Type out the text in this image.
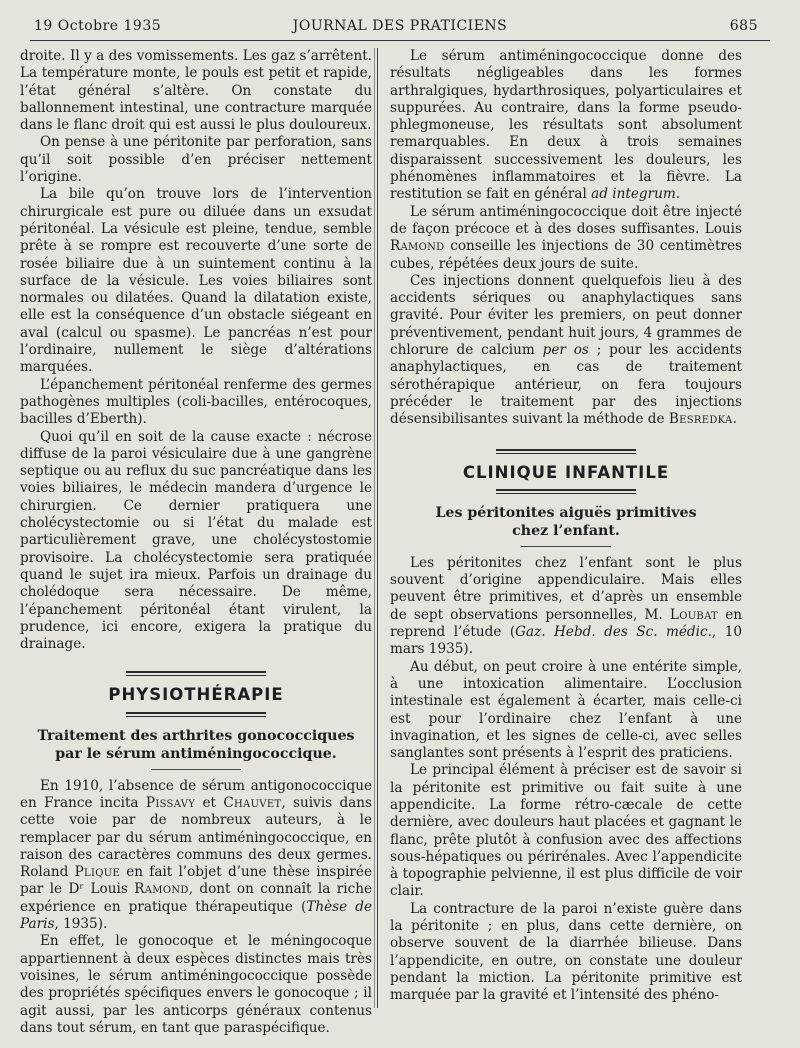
19 Octobre 1935	JOURNAL DES PRATICIENS	685

droite. Il y a des vomissements. Les gaz s’arrêtent. La température monte, le pouls est petit et rapide, l’état général s’altère. On constate du ballonnement intestinal, une contracture marquée dans le flanc droit qui est aussi le plus douloureux.

On pense à une péritonite par perforation, sans qu’il soit possible d’en préciser nettement l’origine.

La bile qu’on trouve lors de l’intervention chirurgicale est pure ou diluée dans un exsudat péritonéal. La vésicule est pleine, tendue, semble prête à se rompre est recouverte d’une sorte de rosée biliaire due à un suintement continu à la surface de la vésicule. Les voies biliaires sont normales ou dilatées. Quand la dilatation existe, elle est la conséquence d’un obstacle siégeant en aval (calcul ou spasme). Le pancréas n’est pour l’ordinaire, nullement le siège d’altérations marquées.

L’épanchement péritonéal renferme des germes pathogènes multiples (coli-bacilles, entérocoques, bacilles d’Eberth).

Quoi qu’il en soit de la cause exacte : nécrose diffuse de la paroi vésiculaire due à une gangrène septique ou au reflux du suc pancréatique dans les voies biliaires, le médecin mandera d’urgence le chirurgien. Ce dernier pratiquera une cholécystectomie ou si l’état du malade est particulièrement grave, une cholécystostomie provisoire. La cholécystectomie sera pratiquée quand le sujet ira mieux. Parfois un drainage du cholédoque sera nécessaire. De même, l’épanchement péritonéal étant virulent, la prudence, ici encore, exigera la pratique du drainage.

PHYSIOTHÉRAPIE
Traitement des arthrites gonococciques
par le sérum antiméningococcique.

En 1910, l’absence de sérum antigonococcique en France incita Pissavy et Chauvet, suivis dans cette voie par de nombreux auteurs, à le remplacer par du sérum antiméningococcique, en raison des caractères communs des deux germes. Roland Plique en fait l’objet d’une thèse inspirée par le Dʳ Louis Ramond, dont on connaît la riche expérience en pratique thérapeutique (Thèse de Paris, 1935).

En effet, le gonocoque et le méningocoque appartiennent à deux espèces distinctes mais très voisines, le sérum antiméningococcique possède des propriétés spécifiques envers le gonocoque ; il agit aussi, par les anticorps généraux contenus dans tout sérum, en tant que paraspécifique.

Le sérum antiméningococcique donne des résultats négligeables dans les formes arthralgiques, hydarthrosiques, polyarticulaires et suppurées. Au contraire, dans la forme pseudo-phlegmoneuse, les résultats sont absolument remarquables. En deux à trois semaines disparaissent successivement les douleurs, les phénomènes inflammatoires et la fièvre. La restitution se fait en général ad integrum.

Le sérum antiméningococcique doit être injecté de façon précoce et à des doses suffisantes. Louis Ramond conseille les injections de 30 centimètres cubes, répétées deux jours de suite.

Ces injections donnent quelquefois lieu à des accidents sériques ou anaphylactiques sans gravité. Pour éviter les premiers, on peut donner préventivement, pendant huit jours, 4 grammes de chlorure de calcium per os ; pour les accidents anaphylactiques, en cas de traitement sérothérapique antérieur, on fera toujours précéder le traitement par des injections désensibilisantes suivant la méthode de Besredka.

CLINIQUE INFANTILE
Les péritonites aiguës primitives
chez l’enfant.

Les péritonites chez l’enfant sont le plus souvent d’origine appendiculaire. Mais elles peuvent être primitives, et d’après un ensemble de sept observations personnelles, M. Loubat en reprend l’étude (Gaz. Hebd. des Sc. médic., 10 mars 1935).

Au début, on peut croire à une entérite simple, à une intoxication alimentaire. L’occlusion intestinale est également à écarter, mais celle-ci est pour l’ordinaire chez l’enfant à une invagination, et les signes de celle-ci, avec selles sanglantes sont présents à l’esprit des praticiens.

Le principal élément à préciser est de savoir si la péritonite est primitive ou fait suite à une appendicite. La forme rétro-cæcale de cette dernière, avec douleurs haut placées et gagnant le flanc, prête plutôt à confusion avec des affections sous-hépatiques ou périrénales. Avec l’appendicite à topographie pelvienne, il est plus difficile de voir clair.

La contracture de la paroi n’existe guère dans la péritonite ; en plus, dans cette dernière, on observe souvent de la diarrhée bilieuse. Dans l’appendicite, en outre, on constate une douleur pendant la miction. La péritonite primitive est marquée par la gravité et l’intensité des phéno-
